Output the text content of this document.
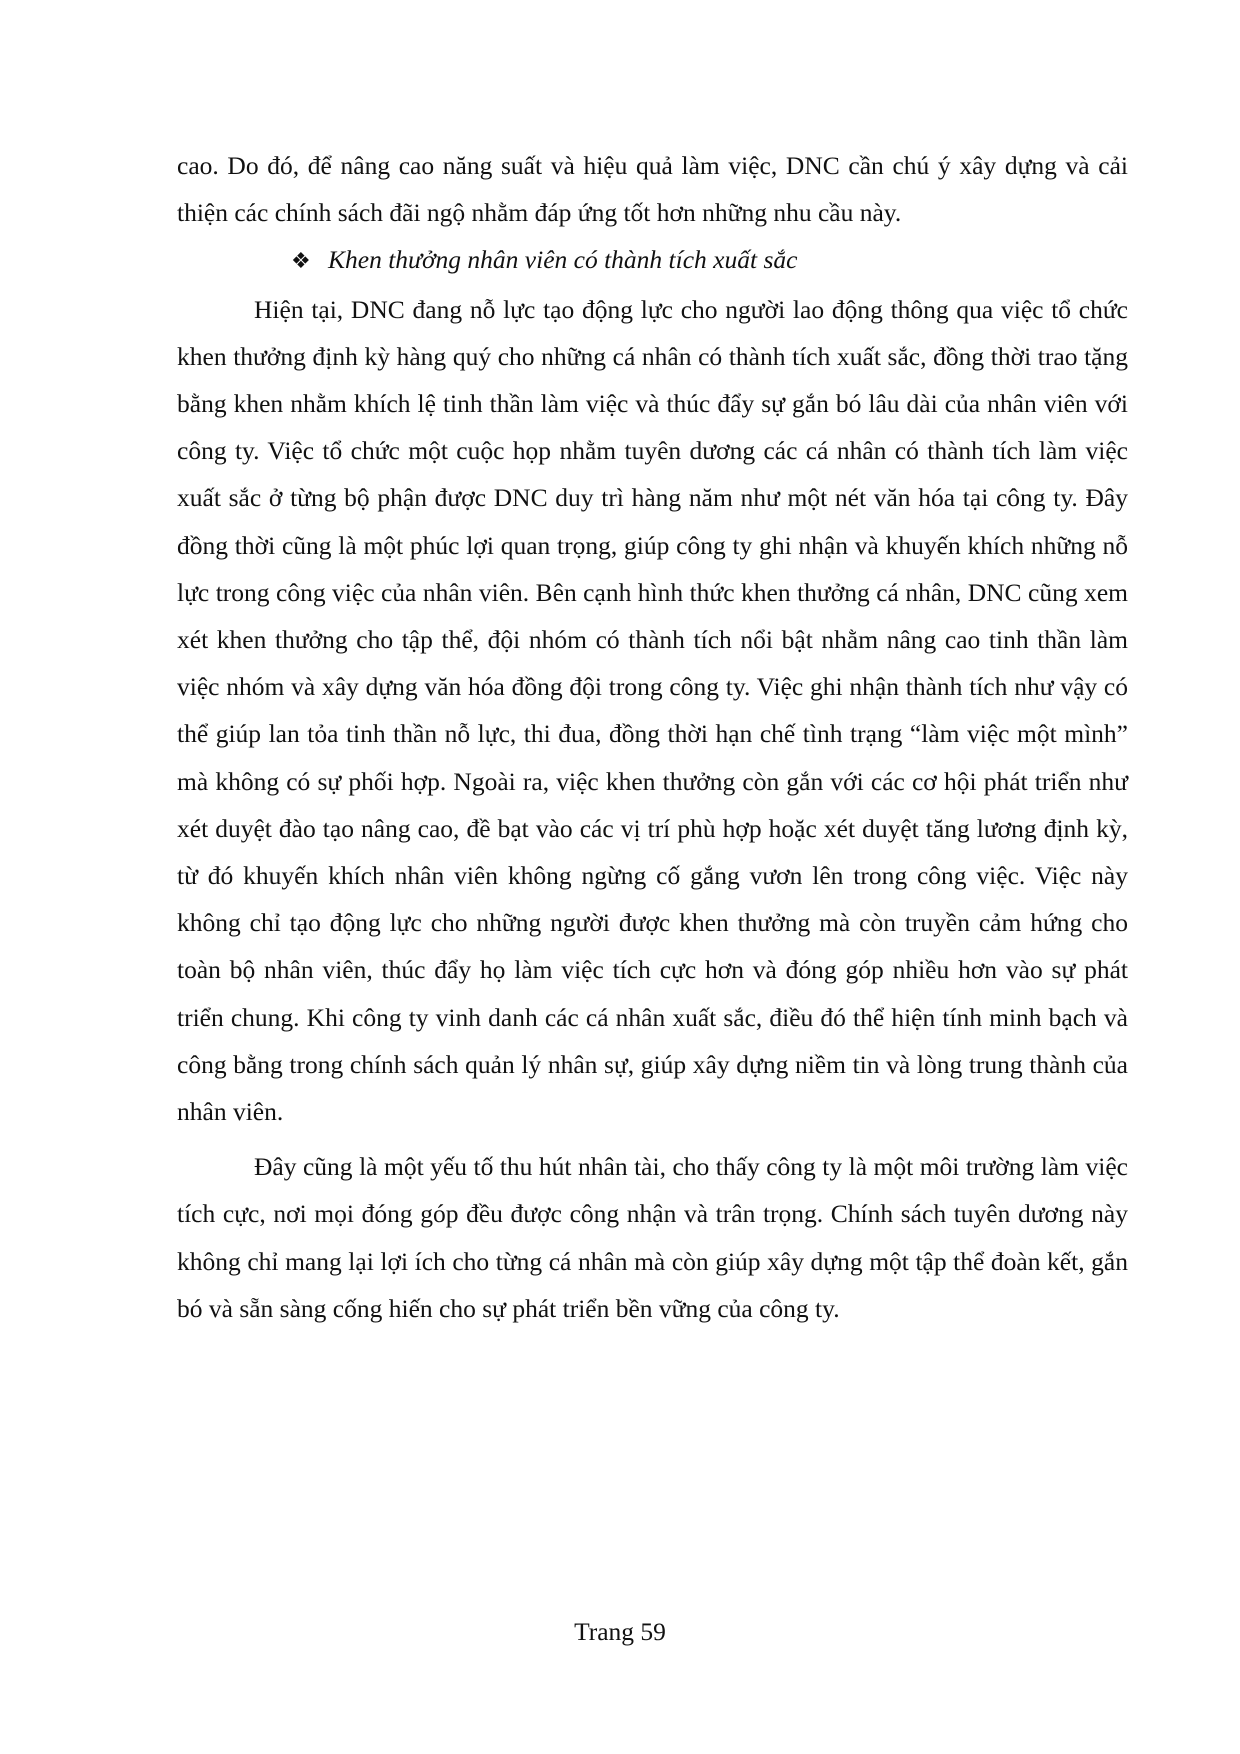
cao. Do đó, để nâng cao năng suất và hiệu quả làm việc, DNC cần chú ý xây dựng và cải thiện các chính sách đãi ngộ nhằm đáp ứng tốt hơn những nhu cầu này.

❖ Khen thưởng nhân viên có thành tích xuất sắc

Hiện tại, DNC đang nỗ lực tạo động lực cho người lao động thông qua việc tổ chức khen thưởng định kỳ hàng quý cho những cá nhân có thành tích xuất sắc, đồng thời trao tặng bằng khen nhằm khích lệ tinh thần làm việc và thúc đẩy sự gắn bó lâu dài của nhân viên với công ty. Việc tổ chức một cuộc họp nhằm tuyên dương các cá nhân có thành tích làm việc xuất sắc ở từng bộ phận được DNC duy trì hàng năm như một nét văn hóa tại công ty. Đây đồng thời cũng là một phúc lợi quan trọng, giúp công ty ghi nhận và khuyến khích những nỗ lực trong công việc của nhân viên. Bên cạnh hình thức khen thưởng cá nhân, DNC cũng xem xét khen thưởng cho tập thể, đội nhóm có thành tích nổi bật nhằm nâng cao tinh thần làm việc nhóm và xây dựng văn hóa đồng đội trong công ty. Việc ghi nhận thành tích như vậy có thể giúp lan tỏa tinh thần nỗ lực, thi đua, đồng thời hạn chế tình trạng “làm việc một mình” mà không có sự phối hợp. Ngoài ra, việc khen thưởng còn gắn với các cơ hội phát triển như xét duyệt đào tạo nâng cao, đề bạt vào các vị trí phù hợp hoặc xét duyệt tăng lương định kỳ, từ đó khuyến khích nhân viên không ngừng cố gắng vươn lên trong công việc. Việc này không chỉ tạo động lực cho những người được khen thưởng mà còn truyền cảm hứng cho toàn bộ nhân viên, thúc đẩy họ làm việc tích cực hơn và đóng góp nhiều hơn vào sự phát triển chung. Khi công ty vinh danh các cá nhân xuất sắc, điều đó thể hiện tính minh bạch và công bằng trong chính sách quản lý nhân sự, giúp xây dựng niềm tin và lòng trung thành của nhân viên.

Đây cũng là một yếu tố thu hút nhân tài, cho thấy công ty là một môi trường làm việc tích cực, nơi mọi đóng góp đều được công nhận và trân trọng. Chính sách tuyên dương này không chỉ mang lại lợi ích cho từng cá nhân mà còn giúp xây dựng một tập thể đoàn kết, gắn bó và sẵn sàng cống hiến cho sự phát triển bền vững của công ty.

Trang 59
